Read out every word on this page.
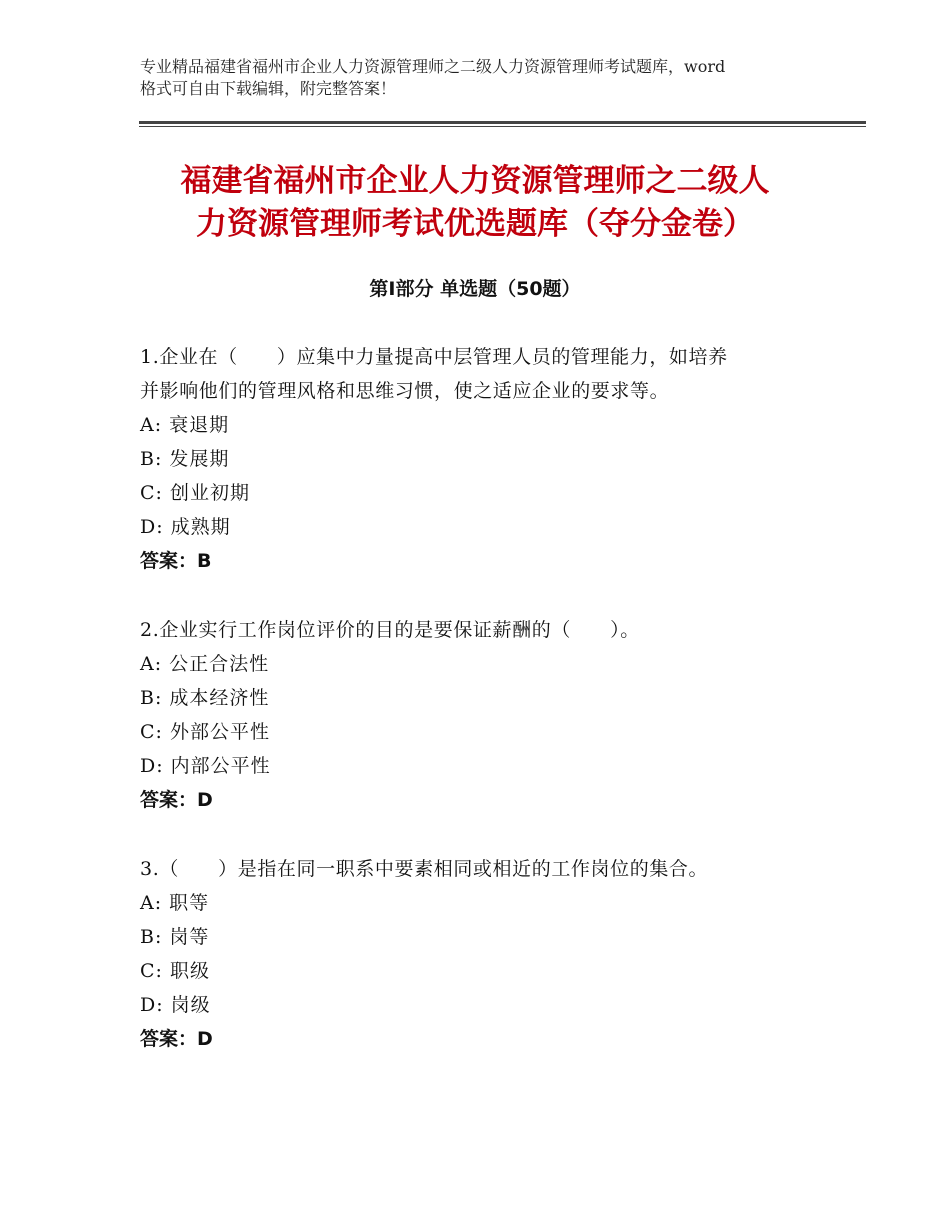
专业精品福建省福州市企业人力资源管理师之二级人力资源管理师考试题库，word
格式可自由下载编辑，附完整答案！
福建省福州市企业人力资源管理师之二级人
力资源管理师考试优选题库（夺分金卷）
第Ⅰ部分 单选题（50题）
1.企业在（　　）应集中力量提高中层管理人员的管理能力，如培养
并影响他们的管理风格和思维习惯，使之适应企业的要求等。
A: 衰退期
B: 发展期
C: 创业初期
D: 成熟期
答案：B
2.企业实行工作岗位评价的目的是要保证薪酬的（　　）。
A: 公正合法性
B: 成本经济性
C: 外部公平性
D: 内部公平性
答案：D
3.（　　）是指在同一职系中要素相同或相近的工作岗位的集合。
A: 职等
B: 岗等
C: 职级
D: 岗级
答案：D
